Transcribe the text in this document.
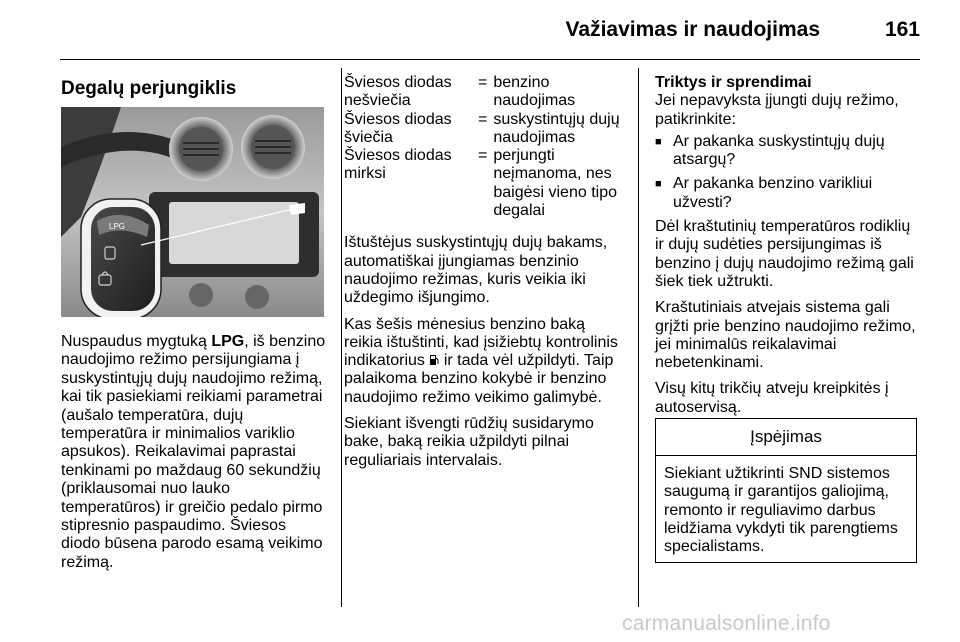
Važiavimas ir naudojimas	161
Degalų perjungiklis
LPG

Nuspaudus mygtuką LPG, iš benzino naudojimo režimo persijungiama į suskystintųjų dujų naudojimo režimą, kai tik pasiekiami reikiami parametrai (aušalo temperatūra, dujų temperatūra ir minimalios variklio apsukos). Reikalavimai paprastai tenkinami po maždaug 60 sekundžių (priklausomai nuo lauko temperatūros) ir greičio pedalo pirmo stipresnio paspaudimo. Šviesos diodo būsena parodo esamą veikimo režimą.

Šviesos diodas nešviečia	=	benzino naudojimas
Šviesos diodas šviečia	=	suskystintųjų dujų naudojimas
Šviesos diodas mirksi	=	perjungti neįmanoma, nes baigėsi vieno tipo degalai

Ištuštėjus suskystintųjų dujų bakams, automatiškai įjungiamas benzinio naudojimo režimas, kuris veikia iki uždegimo išjungimo.

Kas šešis mėnesius benzino baką reikia ištuštinti, kad įsižiebtų kontrolinis indikatorius  ir tada vėl užpildyti. Taip palaikoma benzino kokybė ir benzino naudojimo režimo veikimo galimybė.

Siekiant išvengti rūdžių susidarymo bake, baką reikia užpildyti pilnai reguliariais intervalais.

Triktys ir sprendimai
Jei nepavyksta įjungti dujų režimo, patikrinkite:
■ Ar pakanka suskystintųjų dujų atsargų?
■ Ar pakanka benzino varikliui užvesti?

Dėl kraštutinių temperatūros rodiklių ir dujų sudėties persijungimas iš benzino į dujų naudojimo režimą gali šiek tiek užtrukti.

Kraštutiniais atvejais sistema gali grįžti prie benzino naudojimo režimo, jei minimalūs reikalavimai nebetenkinami.

Visų kitų trikčių atveju kreipkitės į autoservisą.

Įspėjimas
Siekiant užtikrinti SND sistemos saugumą ir garantijos galiojimą, remonto ir reguliavimo darbus leidžiama vykdyti tik parengtiems specialistams.
carmanualsonline.info
